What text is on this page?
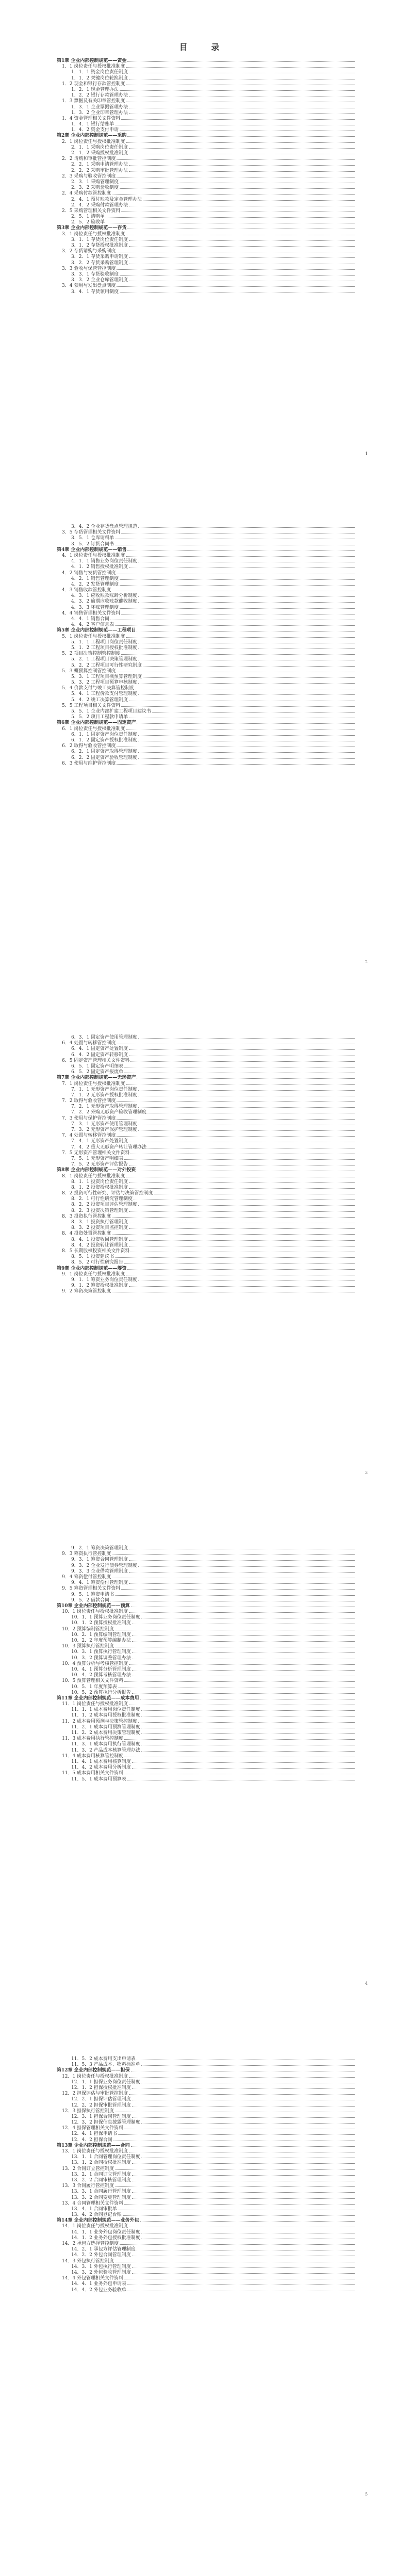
目 录
第1章 企业内部控制规范——资金
1．1 岗位责任与授权批准制度
1．1．1 资金岗位责任制度
1．1．2 关键岗位轮换制度
1．2 现金和银行存款管控制度
1．2．1 现金管理办法
1．2．2 银行存款管理办法
1．3 票据及有关印章管控制度
1．3．1 企业票据管理办法
1．3．2 企业印章管理办法
1．4 资金管理相关文件资料
1．4．1 银行结账单
1．4．2 资金支付申请
第2章 企业内部控制规范——采购
2．1 岗位责任与授权批准制度
2．1．1 采购岗位责任制度
2．1．2 采购授权批准制度
2．2 请购和审批管控制度
2．2．1 采购申请管理办法
2．2．2 采购审批管理办法
2．3 采购与验收管控制度
2．3．1 采购管理制度
2．3．2 采购验收制度
2．4 采购付款管控制度
2．4．1 预付账款及定金管理办法
2．4．2 采购付款管理办法
2．5 采购管理相关文件资料
2．5．1 请购单
2．5．2 验收单
第3章 企业内部控制规范——存货
3．1 岗位责任与授权批准制度
3．1．1 存货岗位责任制度
3．1．2 存货授权批准制度
3．2 存货请购与采购制度
3．2．1 存货采购申请制度
3．2．2 存货采购管理制度
3．3 验收与保管管控制度
3．3．1 存货验收制度
3．3．2 企业仓库管理制度
3．4 领用与发出盘点制度
3．4．1 存货领用制度
1
3．4．2 企业存货盘点管理规范
3．5 存货管理相关文件资料
3．5．1 仓库请料单
3．5．2 订货合同书
第4章 企业内部控制规范——销售
4．1 岗位责任与授权批准制度
4．1．1 销售业务岗位责任制度
4．1．2 销售授权批准制度
4．2 销售与发货管控制度
4．2．1 销售管理制度
4．2．2 发货管理制度
4．3 销售收款管控制度
4．3．1 应收账款账龄分析制度
4．3．2 逾期应收账款催收制度
4．3．3 坏账管理制度
4．4 销售管理相关文件资料
4．4．1 销售合同
4．4．2 客户信息表
第5章 企业内部控制规范——工程项目
5．1 岗位责任与授权批准制度
5．1．1 工程项目岗位责任制度
5．1．2 工程项目授权批准制度
5．2 项目决策控制管控制度
5．2．1 工程项目决策管理制度
5．2．2 工程项目可行性研究制度
5．3 概预算控制管控制度
5．3．1 工程项目概预算管理制度
5．3．2 工程项目预算审核制度
5．4 价款支付与竣工决算管控制度
5．4．1 工程价款支付管理制度
5．4．2 竣工决算管理制度
5．5 工程项目相关文件资料
5．5．1 企业内部扩建工程项目建议书
5．5．2 项目工程款申请单
第6章 企业内部控制规范——固定资产
6．1 岗位责任与授权批准制度
6．1．1 固定资产岗位责任制度
6．1．2 固定资产授权批准制度
6．2 取得与验收管控制度
6．2．1 固定资产取得管理制度
6．2．2 固定资产验收管理制度
6．3 使用与维护管控制度
2
6．3．1 固定资产使用管理制度
6．4 处置与转移管控制度
6．4．1 固定资产处置制度
6．4．2 固定资产转移制度
6．5 固定资产管理相关文件资料
6．5．1 固定资产明细表
6．5．2 固定资产报废单
第7章 企业内部控制规范——无形资产
7．1 岗位责任与授权批准制度
7．1．1 无形资产岗位责任制度
7．1．2 无形资产授权批准制度
7．2 取得与验收管控制度
7．2．1 无形资产取得管理制度
7．2．2 外购无形资产验收管理制度
7．3 使用与保护管控制度
7．3．1 无形资产使用管理制度
7．3．2 无形资产保护管理制度
7．4 处置与转移管控制度
7．4．1 无形资产处置制度
7．4．2 重大无形资产转让管理办法
7．5 无形资产管理相关文件资料
7．5．1 无形资产明细表
7．5．2 无形资产评估报告
第8章 企业内部控制规范——对外投资
8．1 岗位责任与授权批准制度
8．1．1 投资岗位责任制度
8．1．2 投资授权批准制度
8．2 投资可行性研究、评估与决策管控制度
8．2．1 可行性研究管理制度
8．2．2 投资项目评估管理制度
8．2．3 投资决策管理制度
8．3 投资执行管控制度
8．3．1 投资执行管理制度
8．3．2 投资项目监控制度
8．4 投资处置管控制度
8．4．1 投资收回管理制度
8．4．2 投资转让管理制度
8．5 长期股权投资相关文件资料
8．5．1 投资建议书
8．5．2 可行性研究报告
第9章 企业内部控制规范——筹资
9．1 岗位责任与授权批准制度
9．1．1 筹资业务岗位责任制度
9．1．2 筹资授权批准制度
9．2 筹资决策管控制度
3
9．2．1 筹资决策管理制度
9．3 筹资执行管控制度
9．3．1 筹资合同管理制度
9．3．2 企业发行债券管理制度
9．3．3 企业借款管理制度
9．4 筹资偿付管控制度
9．4．1 筹资偿付管理制度
9．5 筹资管理相关文件资料
9．5．1 筹资申请书
9．5．2 借款合同
第10章 企业内部控制规范——预算
10．1 岗位责任与授权批准制度
10．1．1 预算业务岗位责任制度
10．1．2 预算授权批准制度
10．2 预算编制管控制度
10．2．1 预算编制管理制度
10．2．2 年度预算编制办法
10．3 预算执行管控制度
10．3．1 预算执行管理制度
10．3．2 预算调整管理办法
10．4 预算分析与考核管控制度
10．4．1 预算分析管理制度
10．4．2 预算考核管理办法
10．5 预算管理相关文件资料
10．5．1 年度预算表
10．5．2 预算执行分析报告
第11章 企业内部控制规范——成本费用
11．1 岗位责任与授权批准制度
11．1．1 成本费用岗位责任制度
11．1．2 成本费用授权批准制度
11．2 成本费用预测与决策管控制度
11．2．1 成本费用预测管理制度
11．2．2 成本费用决策管理制度
11．3 成本费用执行管控制度
11．3．1 成本费用执行管理制度
11．3．2 产品成本核算管理办法
11．4 成本费用核算管控制度
11．4．1 成本费用核算制度
11．4．2 成本费用分析制度
11．5 成本费用相关文件资料
11．5．1 成本费用预算表
4
11．5．2 成本费用支出申请表
11．5．3 产品成本、物料标准单
第12章 企业内部控制规范——担保
12．1 岗位责任与授权批准制度
12．1．1 担保业务岗位责任制度
12．1．2 担保授权批准制度
12．2 担保评估与审批管控制度
12．2．1 担保评估管理制度
12．2．2 担保审批管理制度
12．3 担保执行管控制度
12．3．1 担保合同管理制度
12．3．2 担保信息披露管理制度
12．4 担保管理相关文件资料
12．4．1 担保申请书
12．4．2 担保合同
第13章 企业内部控制规范——合同
13．1 岗位责任与授权批准制度
13．1．1 合同管理岗位责任制度
13．1．2 合同授权批准制度
13．2 合同订立管控制度
13．2．1 合同订立管理制度
13．2．2 合同审核管理制度
13．3 合同履行管控制度
13．3．1 合同履行管理制度
13．3．2 合同变更管理制度
13．4 合同管理相关文件资料
13．4．1 合同审批单
13．4．2 合同登记台账
第14章 企业内部控制规范——业务外包
14．1 岗位责任与授权批准制度
14．1．1 业务外包岗位责任制度
14．1．2 业务外包授权批准制度
14．2 承包方选择管控制度
14．2．1 承包方评估管理制度
14．2．2 外包合同管理制度
14．3 外包执行管控制度
14．3．1 外包执行管理制度
14．3．2 外包验收管理制度
14．4 外包管理相关文件资料
14．4．1 业务外包申请表
14．4．2 外包业务验收单
5
